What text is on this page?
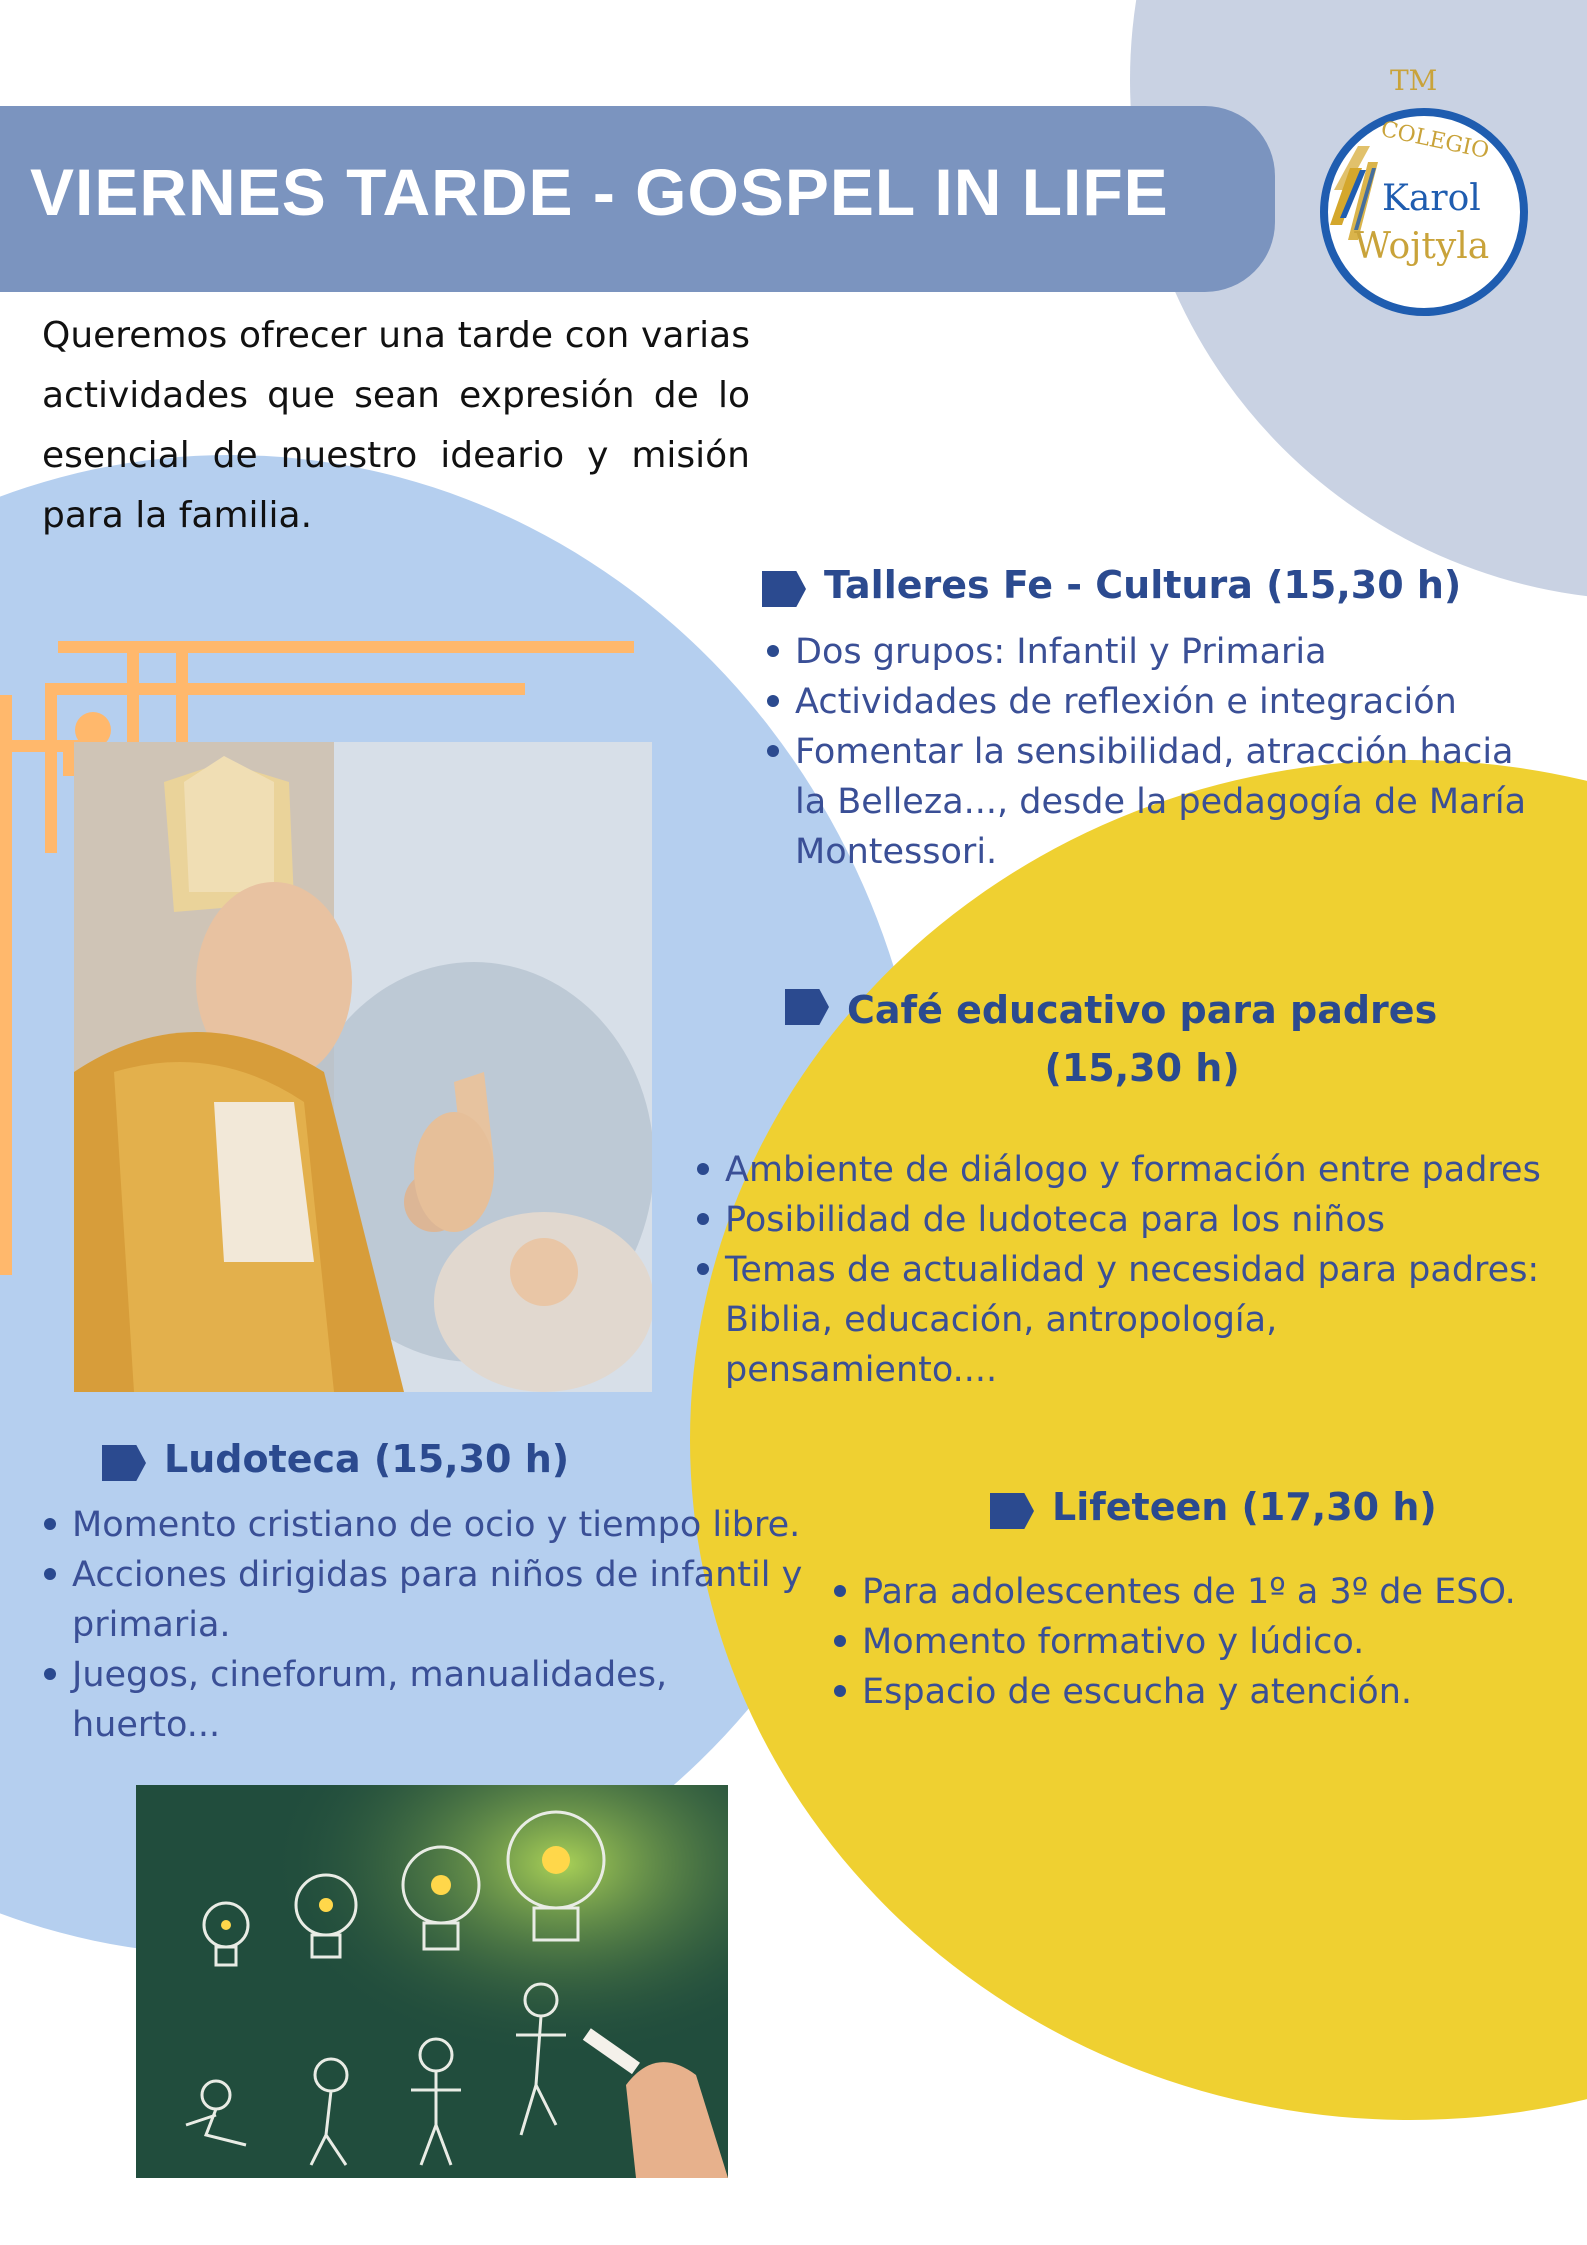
VIERNES TARDE - GOSPEL IN LIFE
TM
COLEGIO
Karol
Wojtyla
Queremos ofrecer una tarde con varias actividades que sean expresión de lo esencial de nuestro ideario y misión para la familia.
Talleres Fe - Cultura (15,30 h)
Dos grupos: Infantil y Primaria
Actividades de reflexión e integración
Fomentar la sensibilidad, atracción hacia la Belleza..., desde la pedagogía de María Montessori.
Café educativo para padres
(15,30 h)
Ambiente de diálogo y formación entre padres
Posibilidad de ludoteca para los niños
Temas de actualidad y necesidad para padres: Biblia, educación, antropología, pensamiento....
Ludoteca (15,30 h)
Momento cristiano de ocio y tiempo libre.
Acciones dirigidas para niños de infantil y primaria.
Juegos, cineforum, manualidades, huerto...
Lifeteen (17,30 h)
Para adolescentes de 1º a 3º de ESO.
Momento formativo y lúdico.
Espacio de escucha y atención.
